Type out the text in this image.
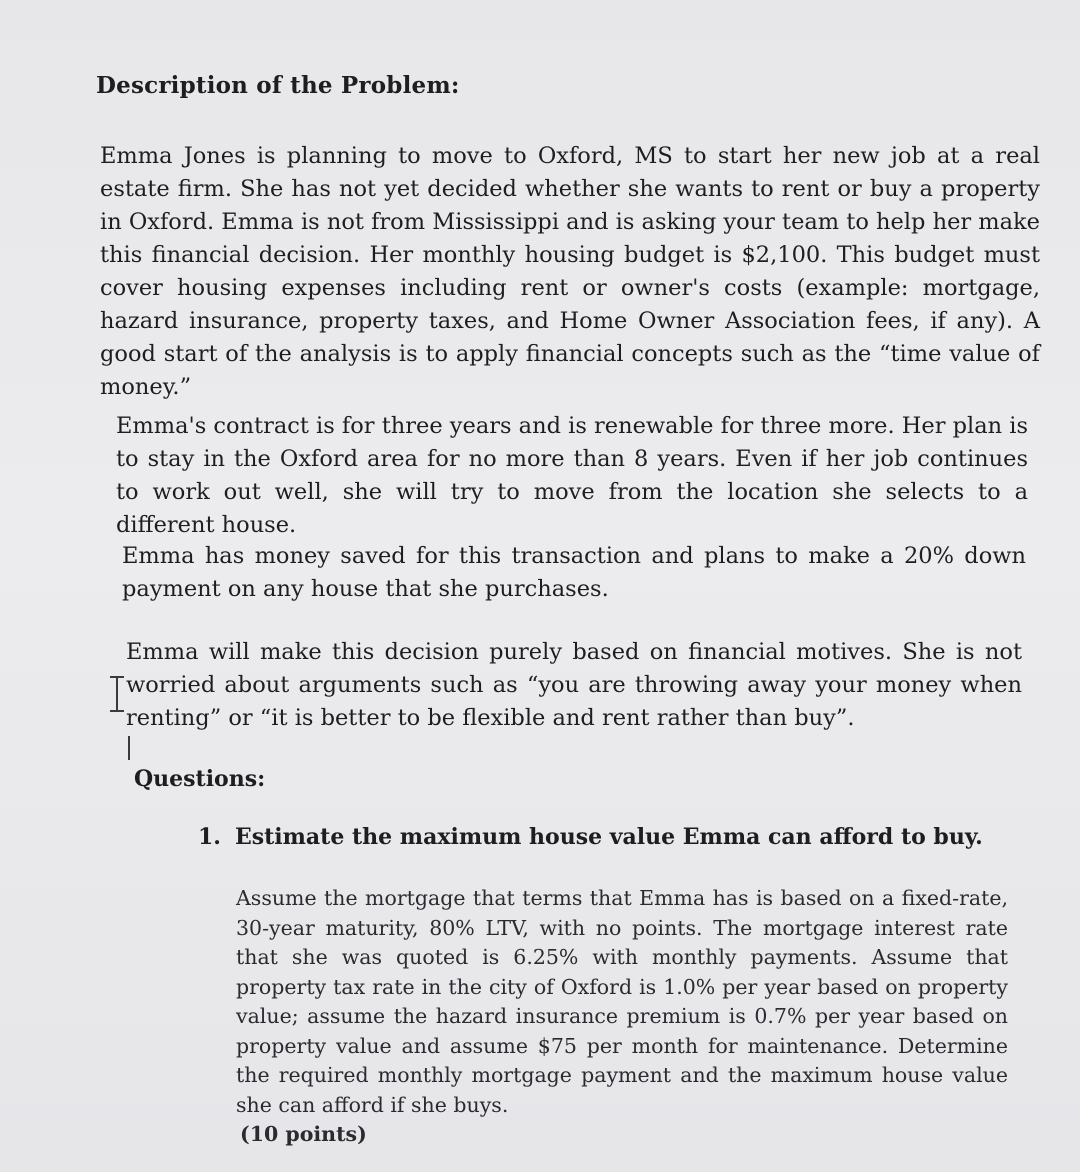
Description of the Problem:

Emma Jones is planning to move to Oxford, MS to start her new job at a real estate firm. She has not yet decided whether she wants to rent or buy a property in Oxford. Emma is not from Mississippi and is asking your team to help her make this financial decision. Her monthly housing budget is $2,100. This budget must cover housing expenses including rent or owner's costs (example: mortgage, hazard insurance, property taxes, and Home Owner Association fees, if any). A good start of the analysis is to apply financial concepts such as the “time value of money.”

Emma's contract is for three years and is renewable for three more. Her plan is to stay in the Oxford area for no more than 8 years. Even if her job continues to work out well, she will try to move from the location she selects to a different house.

Emma has money saved for this transaction and plans to make a 20% down payment on any house that she purchases.

Emma will make this decision purely based on financial motives. She is not worried about arguments such as “you are throwing away your money when renting” or “it is better to be flexible and rent rather than buy”.

Questions:
1. Estimate the maximum house value Emma can afford to buy.

Assume the mortgage that terms that Emma has is based on a fixed-rate, 30-year maturity, 80% LTV, with no points. The mortgage interest rate that she was quoted is 6.25% with monthly payments. Assume that property tax rate in the city of Oxford is 1.0% per year based on property value; assume the hazard insurance premium is 0.7% per year based on property value and assume $75 per month for maintenance. Determine the required monthly mortgage payment and the maximum house value she can afford if she buys.

(10 points)
